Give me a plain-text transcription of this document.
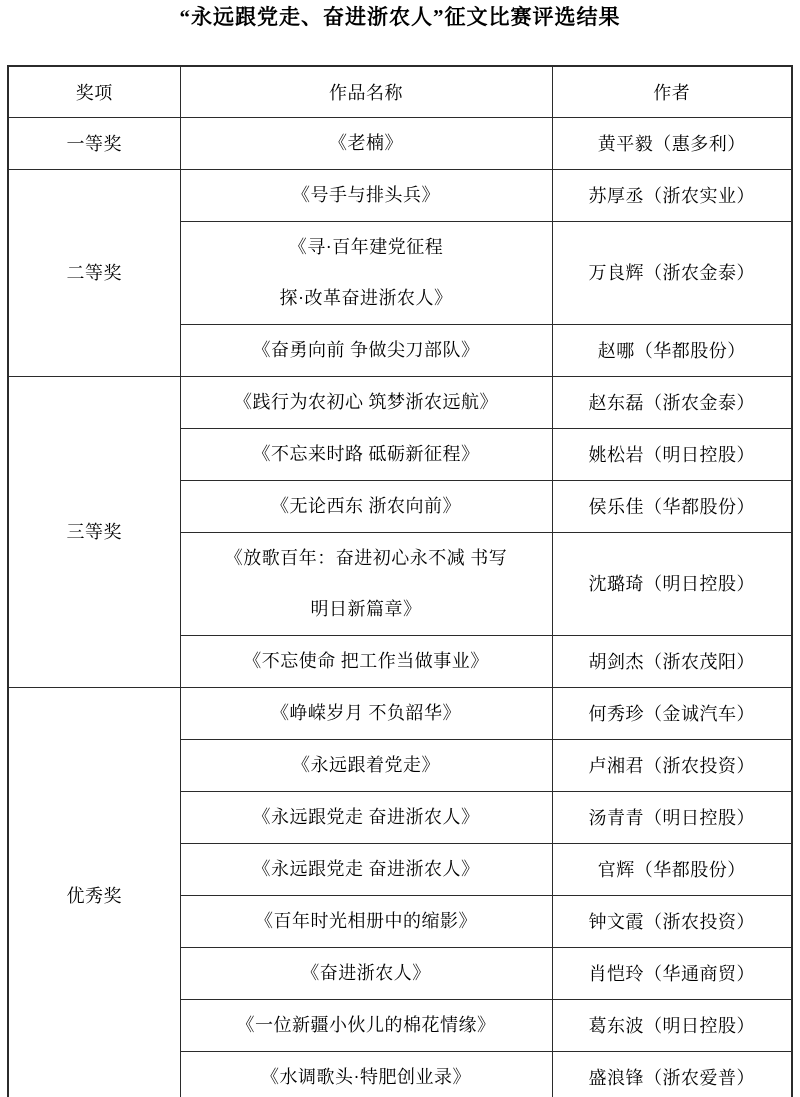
“永远跟党走、奋进浙农人”征文比赛评选结果
奖项	作品名称	作者
一等奖	《老楠》	黄平毅（惠多利）
二等奖	《号手与排头兵》	苏厚丞（浙农实业）

	《寻·百年建党征程
探·改革奋进浙农人》	万良辉（浙农金泰）

	《奋勇向前 争做尖刀部队》	赵哪（华都股份）
三等奖	《践行为农初心 筑梦浙农远航》	赵东磊（浙农金泰）

	《不忘来时路 砥砺新征程》	姚松岩（明日控股）

	《无论西东 浙农向前》	侯乐佳（华都股份）

	《放歌百年：奋进初心永不减 书写
明日新篇章》	沈璐琦（明日控股）

	《不忘使命 把工作当做事业》	胡剑杰（浙农茂阳）
优秀奖	《峥嵘岁月 不负韶华》	何秀珍（金诚汽车）

	《永远跟着党走》	卢湘君（浙农投资）

	《永远跟党走 奋进浙农人》	汤青青（明日控股）

	《永远跟党走 奋进浙农人》	官辉（华都股份）

	《百年时光相册中的缩影》	钟文霞（浙农投资）

	《奋进浙农人》	肖恺玲（华通商贸）

	《一位新疆小伙儿的棉花情缘》	葛东波（明日控股）

	《水调歌头·特肥创业录》	盛浪锋（浙农爱普）
